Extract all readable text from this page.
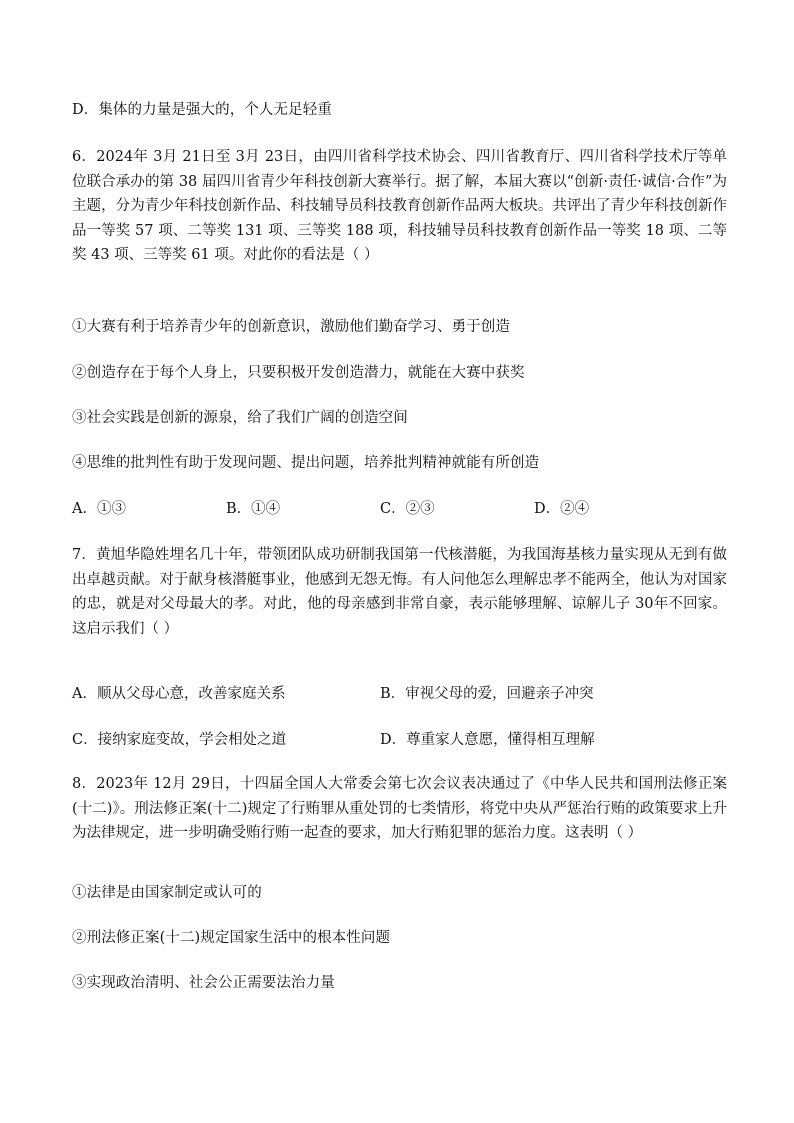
D．集体的力量是强大的，个人无足轻重
6．2024年 3月 21日至 3月 23日，由四川省科学技术协会、四川省教育厅、四川省科学技术厅等单位联合承办的第 38 届四川省青少年科技创新大赛举行。据了解，本届大赛以“创新·责任·诚信·合作”为主题，分为青少年科技创新作品、科技辅导员科技教育创新作品两大板块。共评出了青少年科技创新作品一等奖 57 项、二等奖 131 项、三等奖 188 项，科技辅导员科技教育创新作品一等奖 18 项、二等奖 43 项、三等奖 61 项。对此你的看法是（ ）
①大赛有利于培养青少年的创新意识，激励他们勤奋学习、勇于创造
②创造存在于每个人身上，只要积极开发创造潜力，就能在大赛中获奖
③社会实践是创新的源泉，给了我们广阔的创造空间
④思维的批判性有助于发现问题、提出问题，培养批判精神就能有所创造
A．①③	B．①④	C．②③	D．②④
7．黄旭华隐姓埋名几十年，带领团队成功研制我国第一代核潜艇，为我国海基核力量实现从无到有做出卓越贡献。对于献身核潜艇事业，他感到无怨无悔。有人问他怎么理解忠孝不能两全，他认为对国家的忠，就是对父母最大的孝。对此，他的母亲感到非常自豪，表示能够理解、谅解儿子 30年不回家。这启示我们（ ）
A．顺从父母心意，改善家庭关系	B．审视父母的爱，回避亲子冲突
C．接纳家庭变故，学会相处之道	D．尊重家人意愿，懂得相互理解
8．2023年 12月 29日，十四届全国人大常委会第七次会议表决通过了《中华人民共和国刑法修正案(十二)》。刑法修正案(十二)规定了行贿罪从重处罚的七类情形，将党中央从严惩治行贿的政策要求上升为法律规定，进一步明确受贿行贿一起查的要求，加大行贿犯罪的惩治力度。这表明（ ）
①法律是由国家制定或认可的
②刑法修正案(十二)规定国家生活中的根本性问题
③实现政治清明、社会公正需要法治力量
